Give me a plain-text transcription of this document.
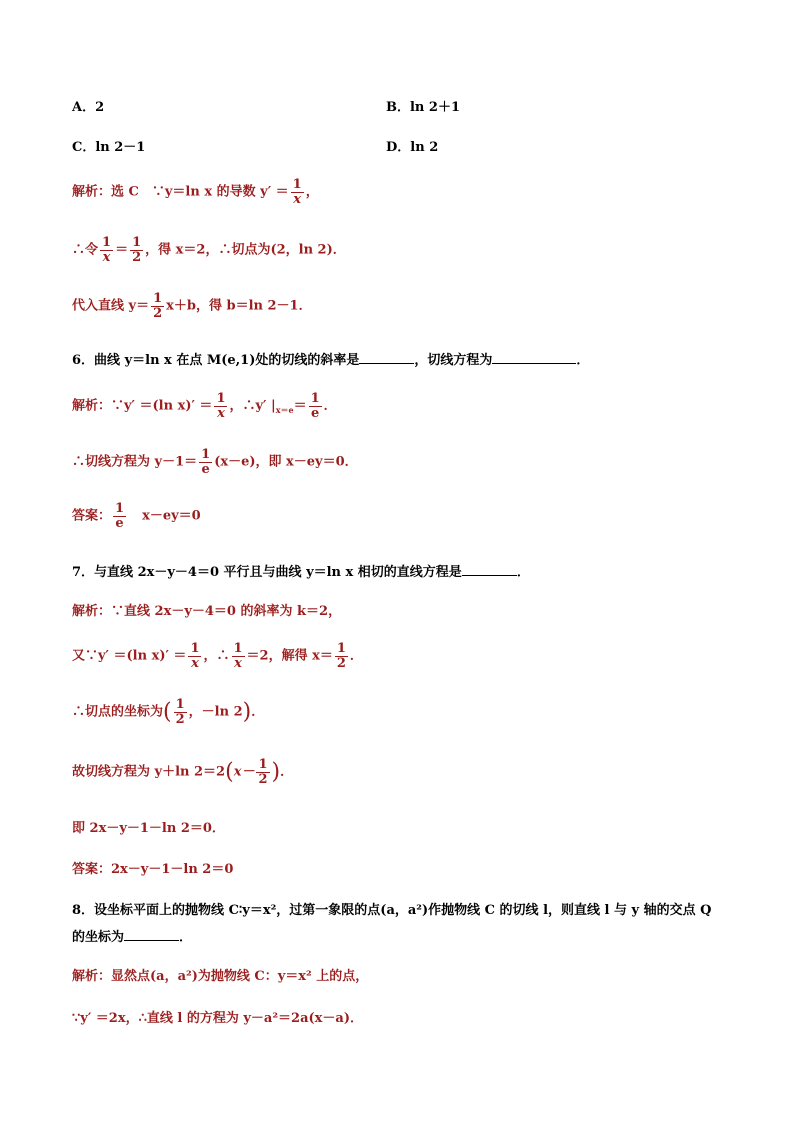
A．2	B．ln 2＋1
C．ln 2－1	D．ln 2
解析：选 C　∵y＝ln x 的导数 $y' = \frac{1}{x}$ ，
∴令 $\frac{1}{x} = \frac{1}{2}$ ，得 x＝2，∴切点为(2，ln 2)．
代入直线 $y= \frac{1}{2} x+b$，得 b＝ln 2－1．
6．曲线 y＝ln x 在点 M(e,1)处的切线的斜率是	，切线方程为	．
解析：∵y′ ＝(ln $x)' = \frac{1}{x}$ ，∴y′ $|_{x=e}= \frac{1}{e}$ ．
∴切线方程为 $y-1= \frac{1}{e} (x-e)$，即 x－ey＝0．
答案： $\frac{1}{e} x-ey=0$
7．与直线 2x－y－4＝0 平行且与曲线 y＝ln x 相切的直线方程是	．
解析：∵直线 2x－y－4＝0 的斜率为 k＝2，
又∵y′ ＝(ln $x)' = \frac{1}{x}$ ，∴ $\frac{1}{x} =2$，解得 $x= \frac{1}{2}$ ．
∴切点的坐标为( $\frac{1}{2}$ ，－ln 2)．
故切线方程为 y＋ln $2=2(x- \frac{1}{2}$ )．
即 2x－y－1－ln 2＝0．
答案：2x－y－1－ln 2＝0
8．设坐标平面上的抛物线 C∶y＝x²，过第一象限的点(a，a²)作抛物线 C 的切线 l，则直线 l 与 y 轴的交点 Q
的坐标为	．
解析：显然点(a，a²)为抛物线 C：y＝x² 上的点，
∵y′ ＝2x，∴直线 l 的方程为 y－a²＝2a(x－a)．
